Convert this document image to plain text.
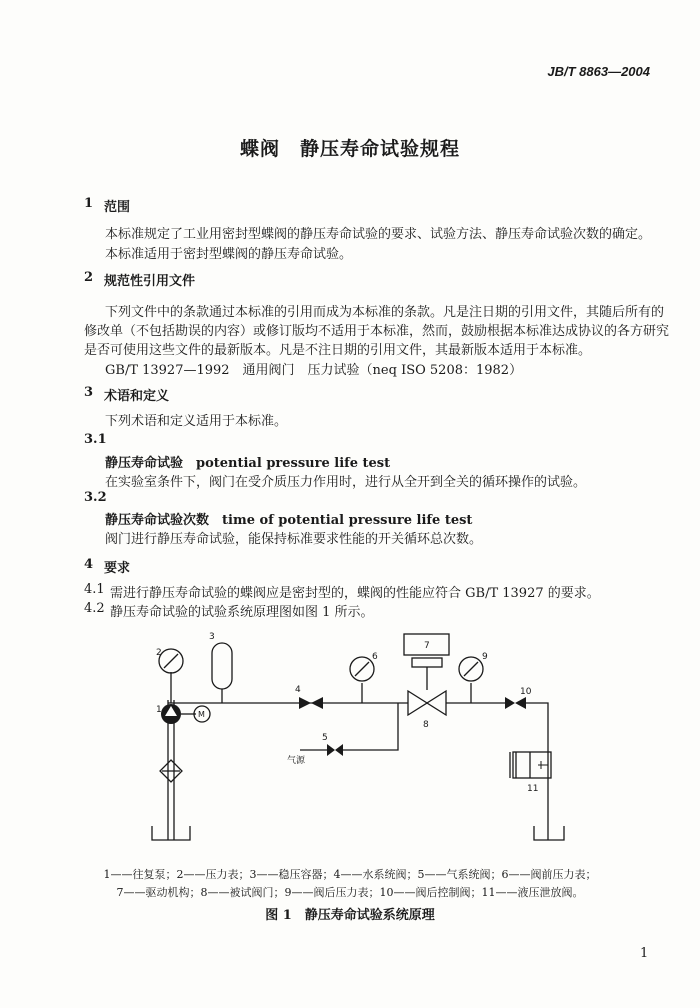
JB/T 8863—2004
蝶阀　静压寿命试验规程
1 范围
本标准规定了工业用密封型蝶阀的静压寿命试验的要求、试验方法、静压寿命试验次数的确定。
本标准适用于密封型蝶阀的静压寿命试验。
2 规范性引用文件
下列文件中的条款通过本标准的引用而成为本标准的条款。凡是注日期的引用文件，其随后所有的
修改单（不包括勘误的内容）或修订版均不适用于本标准，然而，鼓励根据本标准达成协议的各方研究
是否可使用这些文件的最新版本。凡是不注日期的引用文件，其最新版本适用于本标准。
GB/T 13927—1992　通用阀门　压力试验（neq ISO 5208：1982）
3 术语和定义
下列术语和定义适用于本标准。
3.1
静压寿命试验　potential pressure life test
在实验室条件下，阀门在受介质压力作用时，进行从全开到全关的循环操作的试验。
3.2
静压寿命试验次数　time of potential pressure life test
阀门进行静压寿命试验，能保持标准要求性能的开关循环总次数。
4 要求
4.1 需进行静压寿命试验的蝶阀应是密封型的，蝶阀的性能应符合 GB/T 13927 的要求。
4.2 静压寿命试验的试验系统原理图如图 1 所示。
2
3
4
5
6
7
8
9
10
11
1	M
气源
1——往复泵；2——压力表；3——稳压容器；4——水系统阀；5——气系统阀；6——阀前压力表；
7——驱动机构；8——被试阀门；9——阀后压力表；10——阀后控制阀；11——液压泄放阀。
图 1　静压寿命试验系统原理
1
